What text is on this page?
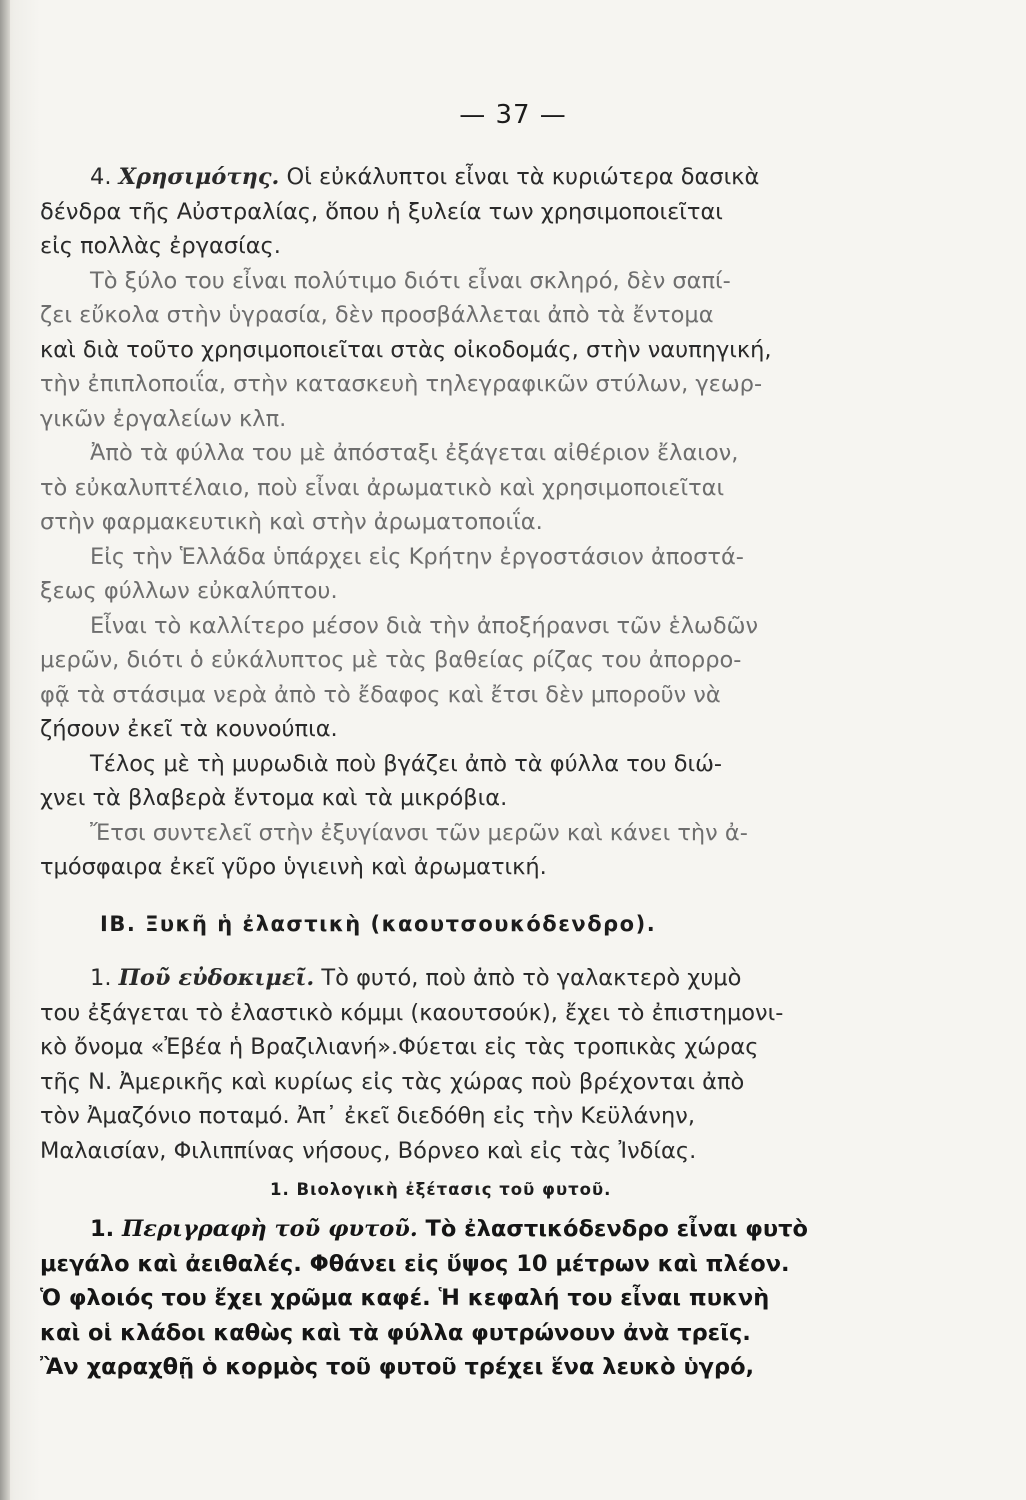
— 37 —
4. Χρησιμότης. Οἱ εὐκάλυπτοι εἶναι τὰ κυριώτερα δασικὰ
δένδρα τῆς Αὐστραλίας, ὅπου ἡ ξυλεία των χρησιμοποιεῖται
εἰς πολλὰς ἐργασίας.
Τὸ ξύλο του εἶναι πολύτιμο διότι εἶναι σκληρό, δὲν σαπί-
ζει εὔκολα στὴν ὑγρασία, δὲν προσβάλλεται ἀπὸ τὰ ἔντομα
καὶ διὰ τοῦτο χρησιμοποιεῖται στὰς οἰκοδομάς, στὴν ναυπηγική,
τὴν ἐπιπλοποιΐα, στὴν κατασκευὴ τηλεγραφικῶν στύλων, γεωρ-
γικῶν ἐργαλείων κλπ.
Ἀπὸ τὰ φύλλα του μὲ ἀπόσταξι ἐξάγεται αἰθέριον ἔλαιον,
τὸ εὐκαλυπτέλαιο, ποὺ εἶναι ἀρωματικὸ καὶ χρησιμοποιεῖται
στὴν φαρμακευτικὴ καὶ στὴν ἀρωματοποιΐα.
Εἰς τὴν Ἑλλάδα ὑπάρχει εἰς Κρήτην ἐργοστάσιον ἀποστά-
ξεως φύλλων εὐκαλύπτου.
Εἶναι τὸ καλλίτερο μέσον διὰ τὴν ἀποξήρανσι τῶν ἑλωδῶν
μερῶν, διότι ὁ εὐκάλυπτος μὲ τὰς βαθείας ρίζας του ἀπορρο-
φᾷ τὰ στάσιμα νερὰ ἀπὸ τὸ ἔδαφος καὶ ἔτσι δὲν μποροῦν νὰ
ζήσουν ἐκεῖ τὰ κουνούπια.
Τέλος μὲ τὴ μυρωδιὰ ποὺ βγάζει ἀπὸ τὰ φύλλα του διώ-
χνει τὰ βλαβερὰ ἔντομα καὶ τὰ μικρόβια.
Ἔτσι συντελεῖ στὴν ἐξυγίανσι τῶν μερῶν καὶ κάνει τὴν ἀ-
τμόσφαιρα ἐκεῖ γῦρο ὑγιεινὴ καὶ ἀρωματική.
ΙΒ. Ξυκῆ ἡ ἐλαστικὴ (καουτσουκόδενδρο).
1. Ποῦ εὐδοκιμεῖ. Τὸ φυτό, ποὺ ἀπὸ τὸ γαλακτερὸ χυμὸ
του ἐξάγεται τὸ ἐλαστικὸ κόμμι (καουτσούκ), ἔχει τὸ ἐπιστημονι-
κὸ ὄνομα «Ἐβέα ἡ Βραζιλιανή».Φύεται εἰς τὰς τροπικὰς χώρας
τῆς Ν. Ἀμερικῆς καὶ κυρίως εἰς τὰς χώρας ποὺ βρέχονται ἀπὸ
τὸν Ἀμαζόνιο ποταμό. Ἀπ᾿ ἐκεῖ διεδόθη εἰς τὴν Κεϋλάνην,
Μαλαισίαν, Φιλιππίνας νήσους, Βόρνεο καὶ εἰς τὰς Ἰνδίας.
1. Βιολογικὴ ἐξέτασις τοῦ φυτοῦ.
1. Περιγραφὴ τοῦ φυτοῦ. Τὸ ἐλαστικόδενδρο εἶναι φυτὸ
μεγάλο καὶ ἀειθαλές. Φθάνει εἰς ὕψος 10 μέτρων καὶ πλέον.
Ὁ φλοιός του ἔχει χρῶμα καφέ. Ἡ κεφαλή του εἶναι πυκνὴ
καὶ οἱ κλάδοι καθὼς καὶ τὰ φύλλα φυτρώνουν ἀνὰ τρεῖς.
Ἂν χαραχθῇ ὁ κορμὸς τοῦ φυτοῦ τρέχει ἕνα λευκὸ ὑγρό,
